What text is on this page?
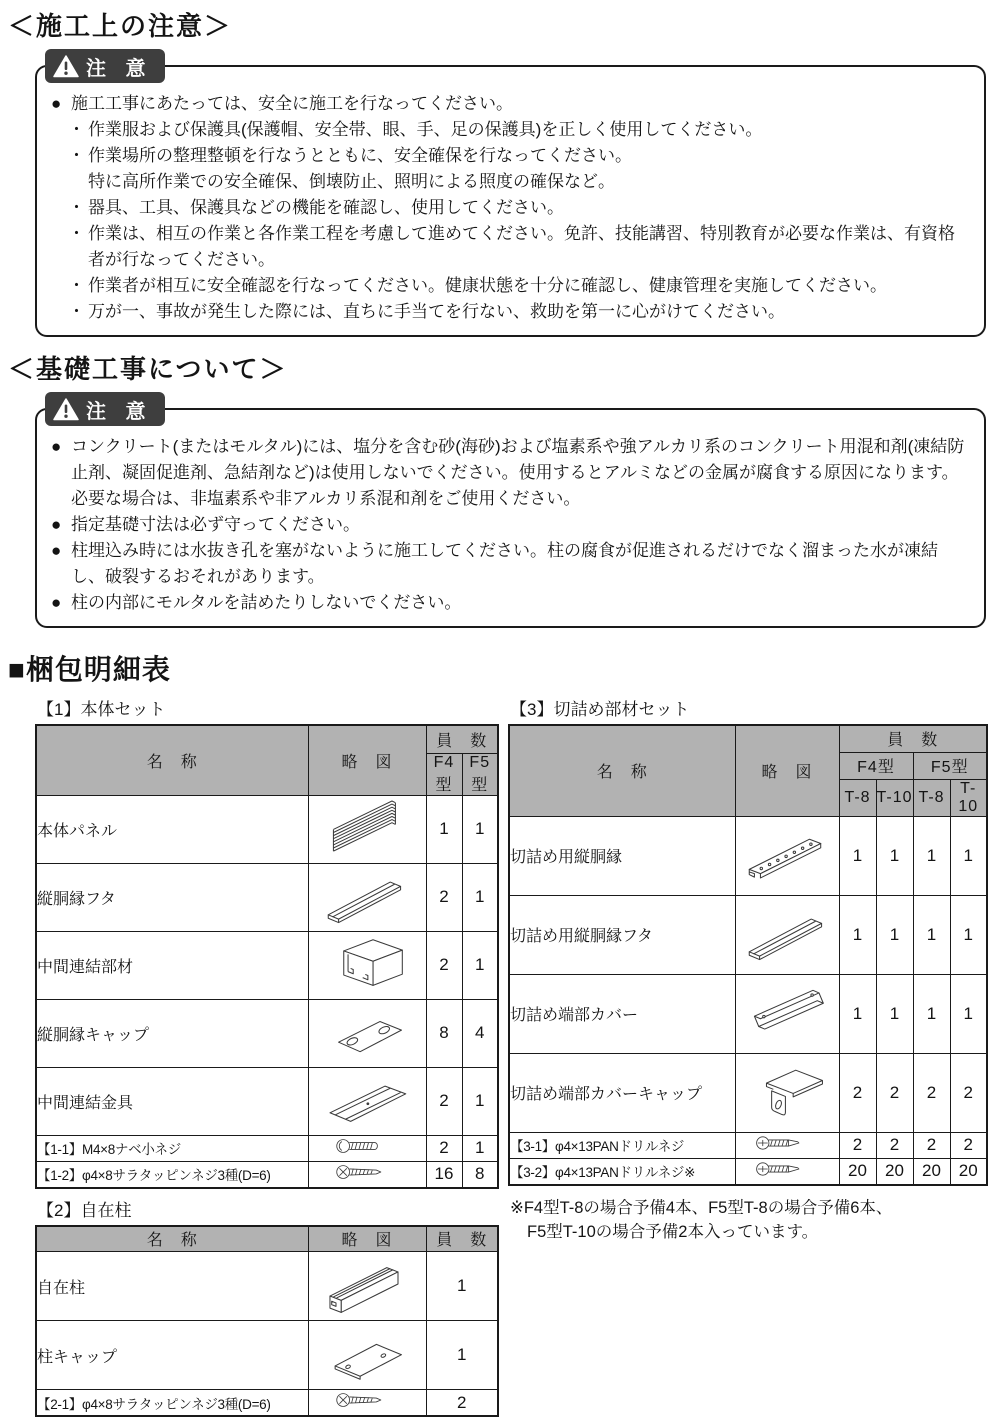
＜施工上の注意＞
注 意
● 施工工事にあたっては、安全に施工を行なってください。
・ 作業服および保護具(保護帽、安全帯、眼、手、足の保護具)を正しく使用してください。
・ 作業場所の整理整頓を行なうとともに、安全確保を行なってください。
特に高所作業での安全確保、倒壊防止、照明による照度の確保など。
・ 器具、工具、保護具などの機能を確認し、使用してください。
・ 作業は、相互の作業と各作業工程を考慮して進めてください。免許、技能講習、特別教育が必要な作業は、有資格者が行なってください。
・ 作業者が相互に安全確認を行なってください。健康状態を十分に確認し、健康管理を実施してください。
・ 万が一、事故が発生した際には、直ちに手当てを行ない、救助を第一に心がけてください。
＜基礎工事について＞
注 意
● コンクリート(またはモルタル)には、塩分を含む砂(海砂)および塩素系や強アルカリ系のコンクリート用混和剤(凍結防止剤、凝固促進剤、急結剤など)は使用しないでください。使用するとアルミなどの金属が腐食する原因になります。必要な場合は、非塩素系や非アルカリ系混和剤をご使用ください。
● 指定基礎寸法は必ず守ってください。
● 柱埋込み時には水抜き孔を塞がないように施工してください。柱の腐食が促進されるだけでなく溜まった水が凍結し、破裂するおそれがあります。
● 柱の内部にモルタルを詰めたりしないでください。
■梱包明細表
【1】本体セット
名　称	略　図	員　数	
		F4型	F5型
本体パネル		1	1
縦胴縁フタ		2	1
中間連結部材		2	1
縦胴縁キャップ		8	4
中間連結金具		2	1
【1-1】M4×8ナベ小ネジ		2	1
【1-2】φ4×8サラタッピンネジ3種(D=6)		16	8
【2】自在柱
名　称	略　図	員　数
自在柱		1
柱キャップ		1
【2-1】φ4×8サラタッピンネジ3種(D=6)		2
【3】切詰め部材セット
名　称	略　図	員　数			
		F4型		F5型	
		T-8	T-10	T-8	T-10
切詰め用縦胴縁		1	1	1	1
切詰め用縦胴縁フタ		1	1	1	1
切詰め端部カバー		1	1	1	1
切詰め端部カバーキャップ		2	2	2	2
【3-1】φ4×13PANドリルネジ		2	2	2	2
【3-2】φ4×13PANドリルネジ※		20	20	20	20
※F4型T-8の場合予備4本、F5型T-8の場合予備6本、
F5型T-10の場合予備2本入っています。
